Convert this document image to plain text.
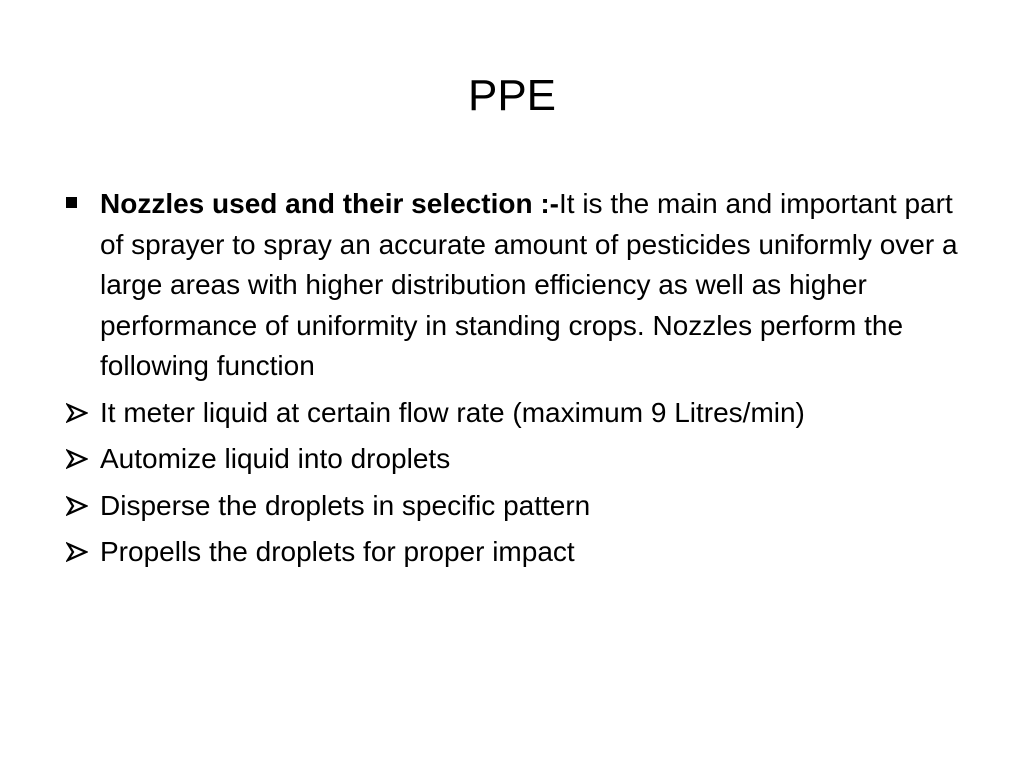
PPE
Nozzles used and their selection :-It is the main and important part of sprayer to spray an accurate amount of pesticides uniformly over a large areas with higher distribution efficiency as well as higher performance of uniformity in standing crops. Nozzles perform the following function
It meter liquid at certain flow rate (maximum 9 Litres/min)
Automize liquid into droplets
Disperse the droplets in specific pattern
Propells the droplets for proper impact
